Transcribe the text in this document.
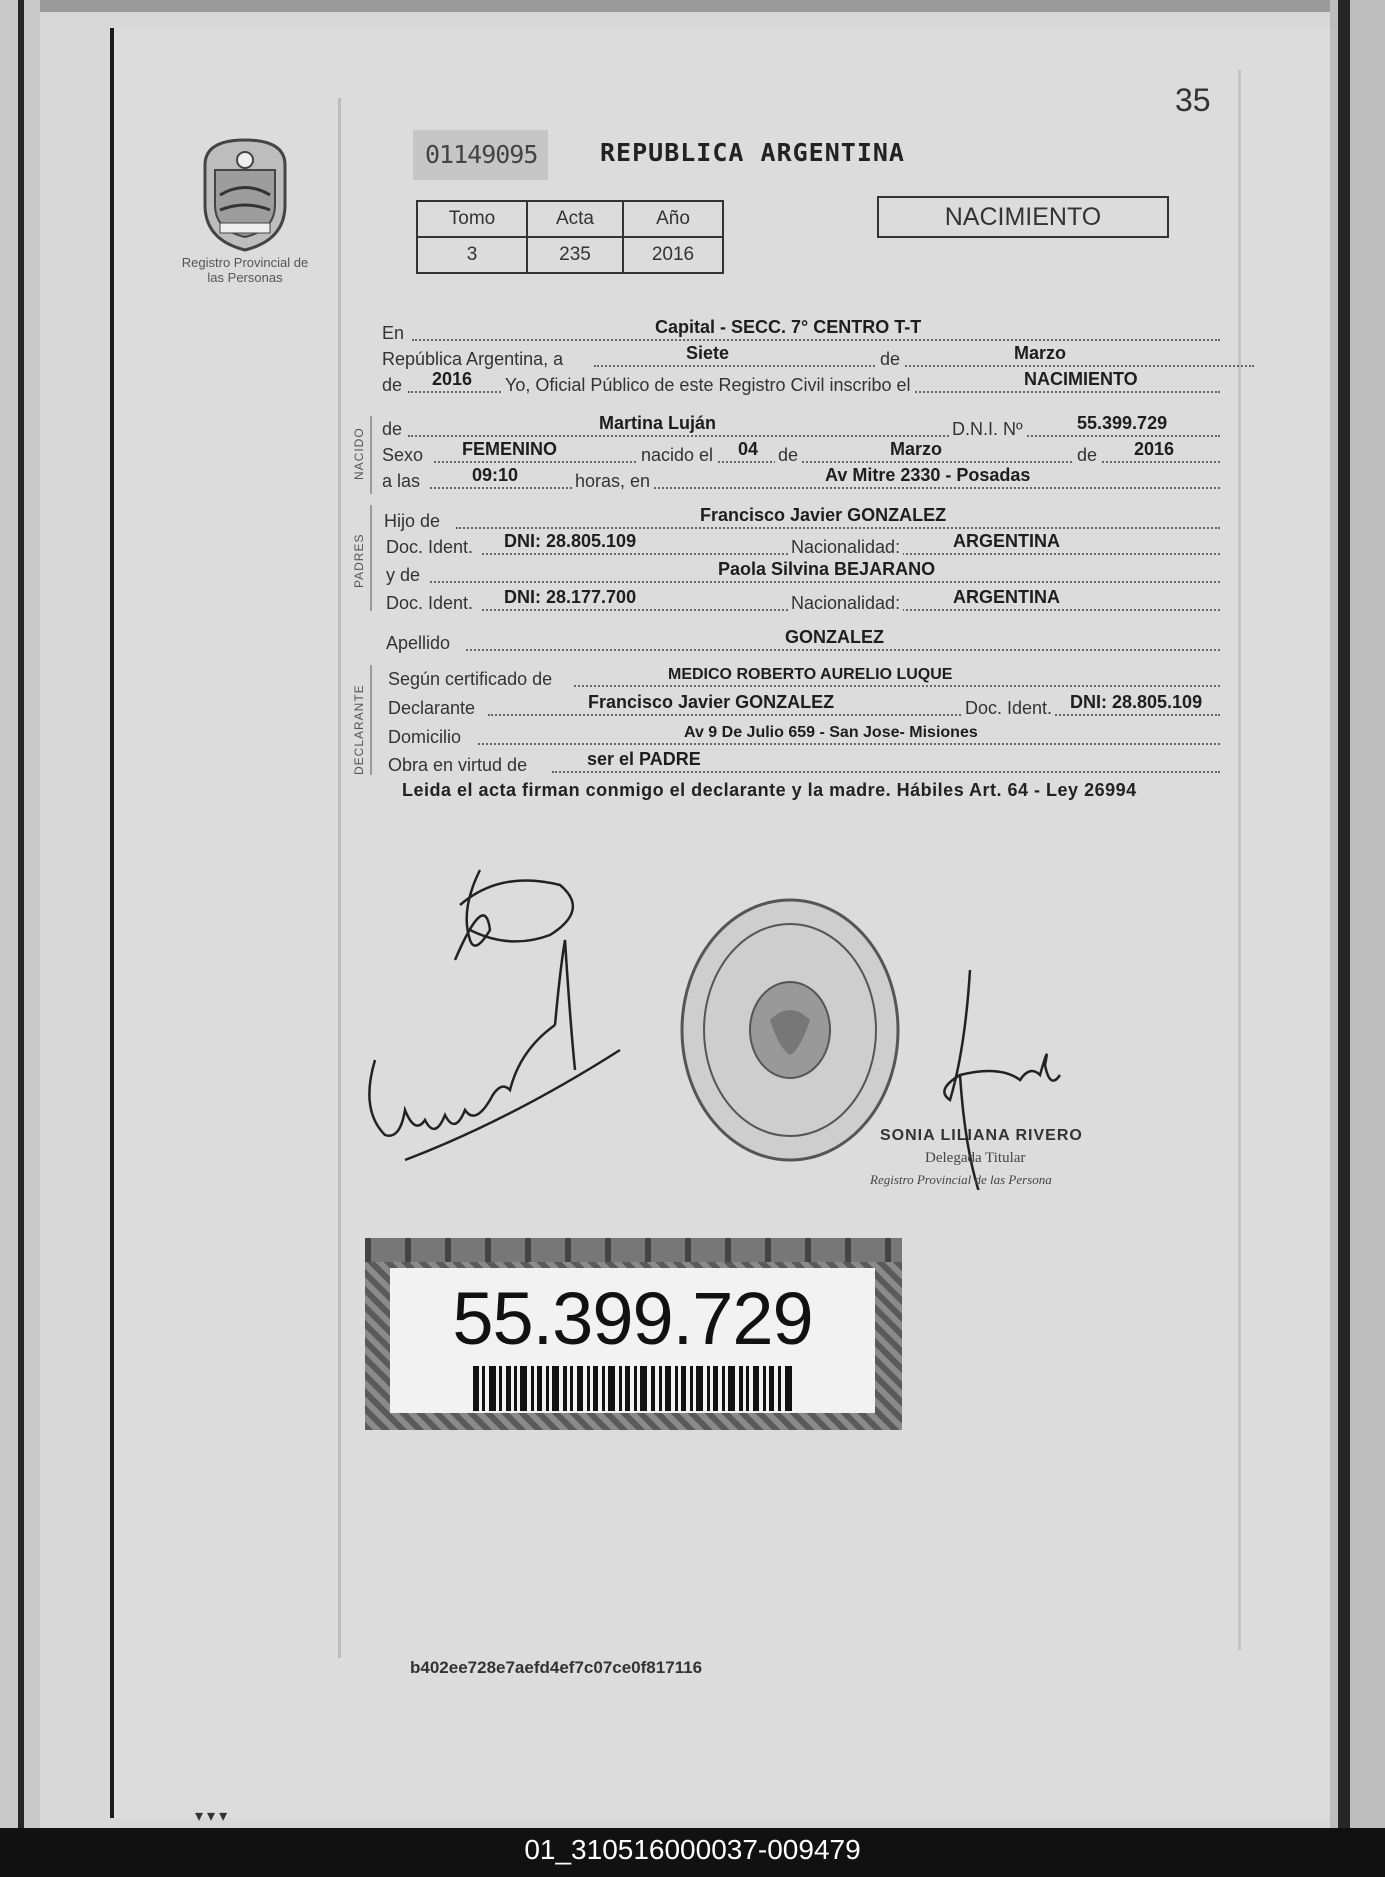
35
Registro Provincial de las Personas
01149095	REPUBLICA ARGENTINA
Tomo	Acta	Año
3	235	2016
NACIMIENTO
En	Capital - SECC. 7° CENTRO T-T
República Argentina, a	Siete	de	Marzo
de 2016 Yo, Oficial Público de este Registro Civil inscribo el	NACIMIENTO
NACIDO de	Martina Luján	D.N.I. Nº	55.399.729
Sexo FEMENINO	nacido el 04 de	Marzo	de 2016
a las	09:10	horas, en	Av Mitre 2330 - Posadas
PADRES
Hijo de	Francisco Javier GONZALEZ
Doc. Ident. DNI: 28.805.109	Nacionalidad:	ARGENTINA
y de	Paola Silvina BEJARANO
Doc. Ident. DNI: 28.177.700	Nacionalidad:	ARGENTINA
Apellido	GONZALEZ
DECLARANTE
Según certificado de	MEDICO ROBERTO AURELIO LUQUE
Declarante	Francisco Javier GONZALEZ	Doc. Ident. DNI: 28.805.109
Domicilio	Av 9 De Julio 659 - San Jose- Misiones
Obra en virtud de	ser el PADRE
Leida el acta firman conmigo el declarante y la madre. Hábiles Art. 64 - Ley 26994
SONIA LILIANA RIVERO
Delegada Titular
Registro Provincial de las Persona
55.399.729
b402ee728e7aefd4ef7c07ce0f817116
▾▾▾
01_310516000037-009479
